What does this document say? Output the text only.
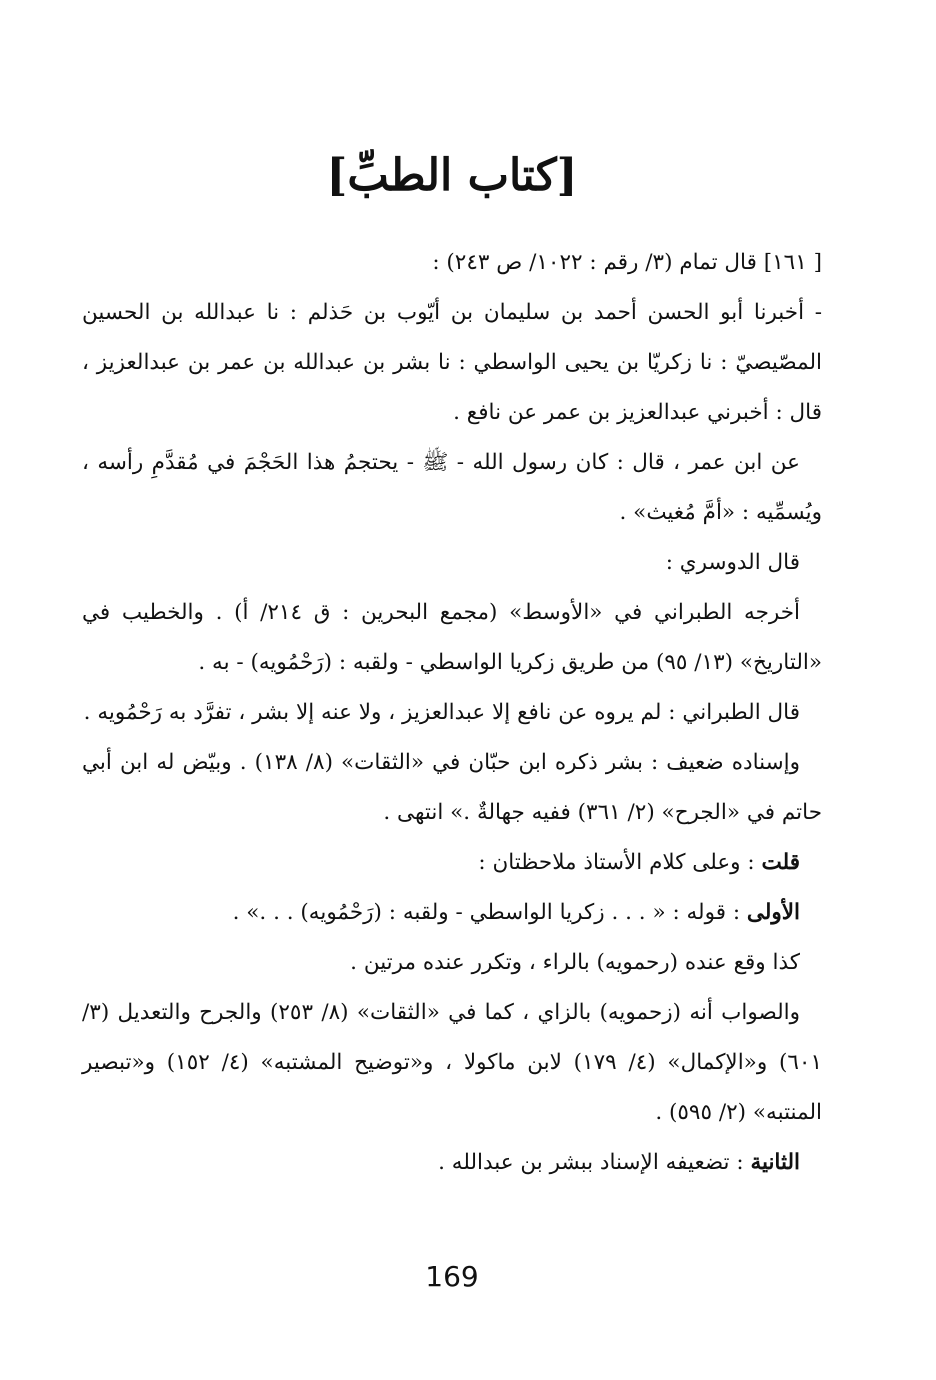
[كتاب الطبِّ]

[ ١٦١] قال تمام (٣/ رقم : ١٠٢٢/ ص ٢٤٣) :

- أخبرنا أبو الحسن أحمد بن سليمان بن أيّوب بن حَذلم : نا عبدالله بن الحسين المصّيصيّ : نا زكريّا بن يحيى الواسطي : نا بشر بن عبدالله بن عمر بن عبدالعزيز ، قال : أخبرني عبدالعزيز بن عمر عن نافع .

عن ابن عمر ، قال : كان رسول الله - ﷺ - يحتجمُ هذا الحَجْمَ في مُقدَّمِ رأسه ، ويُسمِّيه : «أمَّ مُغيث» .

قال الدوسري :

أخرجه الطبراني في «الأوسط» (مجمع البحرين : ق ٢١٤/ أ) . والخطيب في «التاريخ» (١٣/ ٩٥) من طريق زكريا الواسطي - ولقبه : (رَحْمُويه) - به .

قال الطبراني : لم يروه عن نافع إلا عبدالعزيز ، ولا عنه إلا بشر ، تفرَّد به رَحْمُويه .

وإسناده ضعيف : بشر ذكره ابن حبّان في «الثقات» (٨/ ١٣٨) . وبيّض له ابن أبي حاتم في «الجرح» (٢/ ٣٦١) ففيه جهالةٌ .» انتهى .

قلت : وعلى كلام الأستاذ ملاحظتان :

الأولى : قوله : « . . . زكريا الواسطي - ولقبه : (رَحْمُويه) . . .» .

كذا وقع عنده (رحمويه) بالراء ، وتكرر عنده مرتين .

والصواب أنه (زحمويه) بالزاي ، كما في «الثقات» (٨/ ٢٥٣) والجرح والتعديل (٣/ ٦٠١) و«الإكمال» (٤/ ١٧٩) لابن ماكولا ، و«توضيح المشتبه» (٤/ ١٥٢) و«تبصير المنتبه» (٢/ ٥٩٥) .

الثانية : تضعيفه الإسناد ببشر بن عبدالله .

169
